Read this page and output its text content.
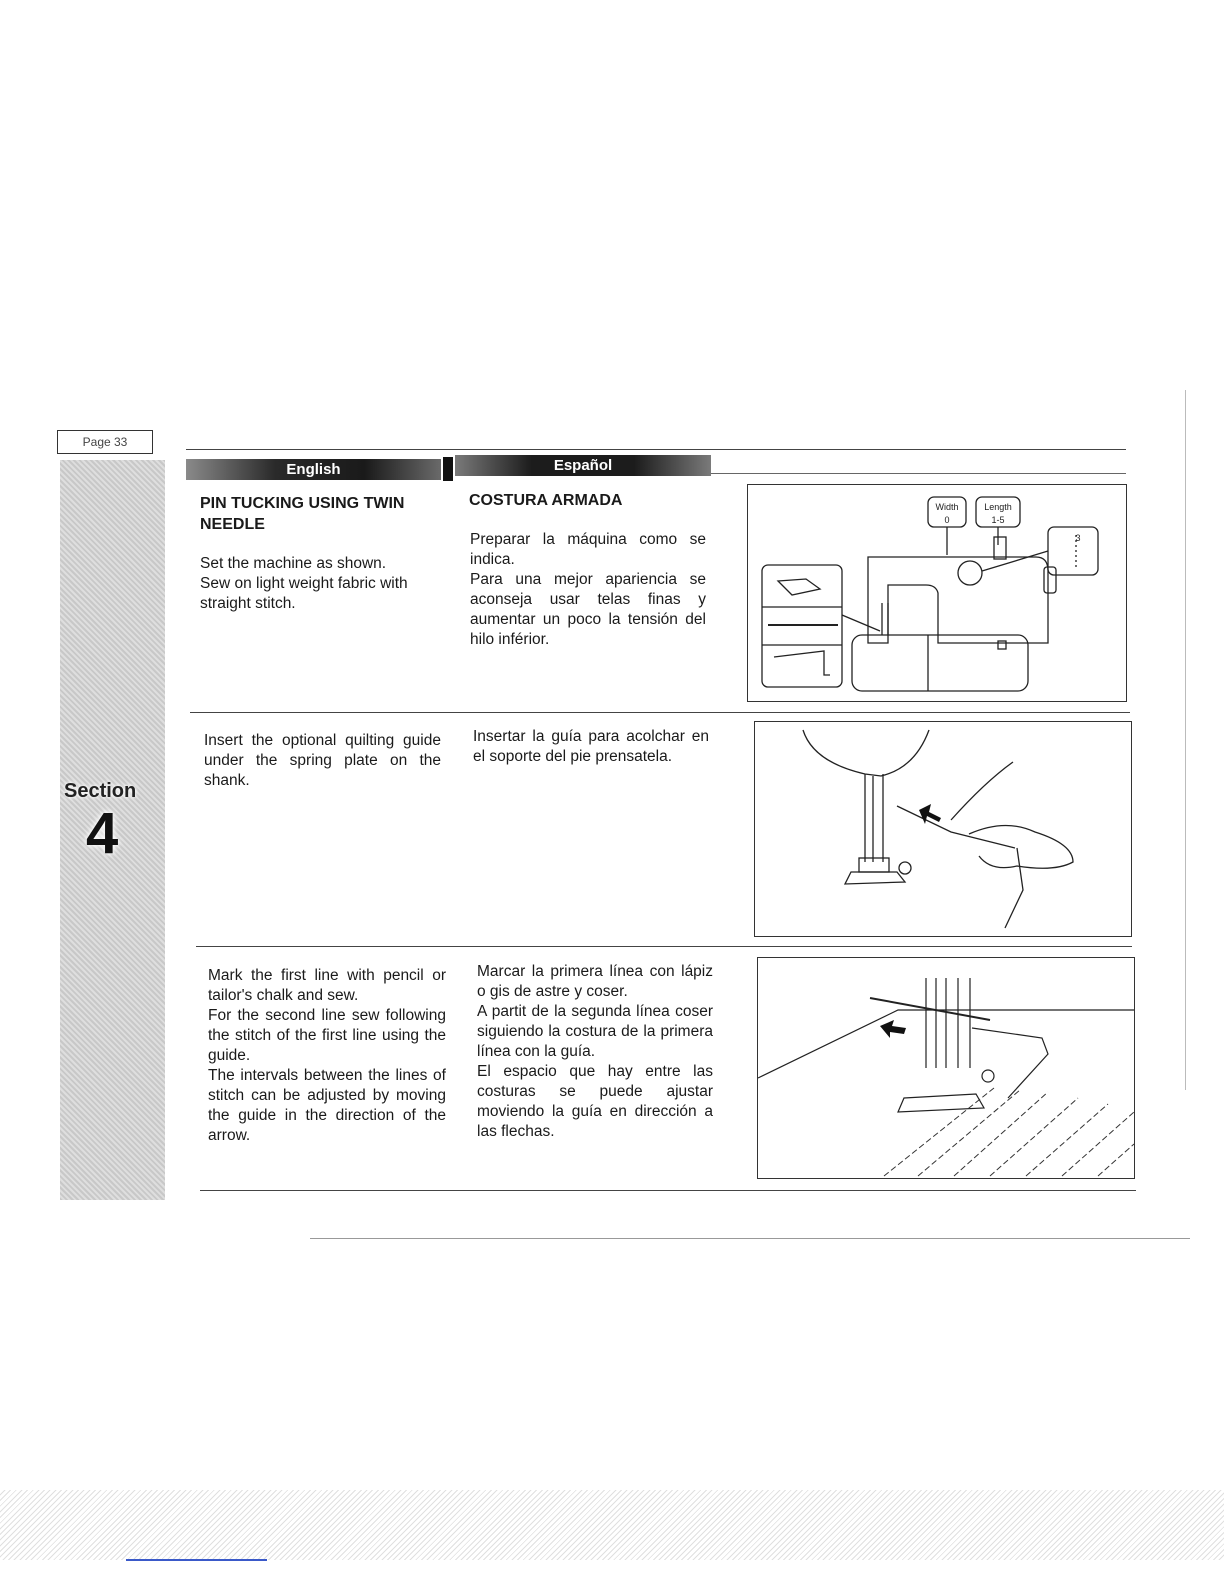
Page 33
Section
4
English	Español
PIN TUCKING USING TWIN NEEDLE
Set the machine as shown.
Sew on light weight fabric with straight stitch.
COSTURA ARMADA
Preparar la máquina como se indica.
Para una mejor apariencia se aconseja usar telas finas y aumentar un poco la tensión del hilo inférior.
Width
0
Length
1-5
3
Insert the optional quilting guide under the spring plate on the shank.
Insertar la guía para acolchar en el soporte del pie prensatela.
Mark the first line with pencil or tailor's chalk and sew.
For the second line sew following the stitch of the first line using the guide.
The intervals between the lines of stitch can be adjusted by moving the guide in the direction of the arrow.
Marcar la primera línea con lápiz o gis de astre y coser.
A partit de la segunda línea coser siguiendo la costura de la primera línea con la guía.
El espacio que hay entre las costuras se puede ajustar moviendo la guía en dirección a las flechas.
